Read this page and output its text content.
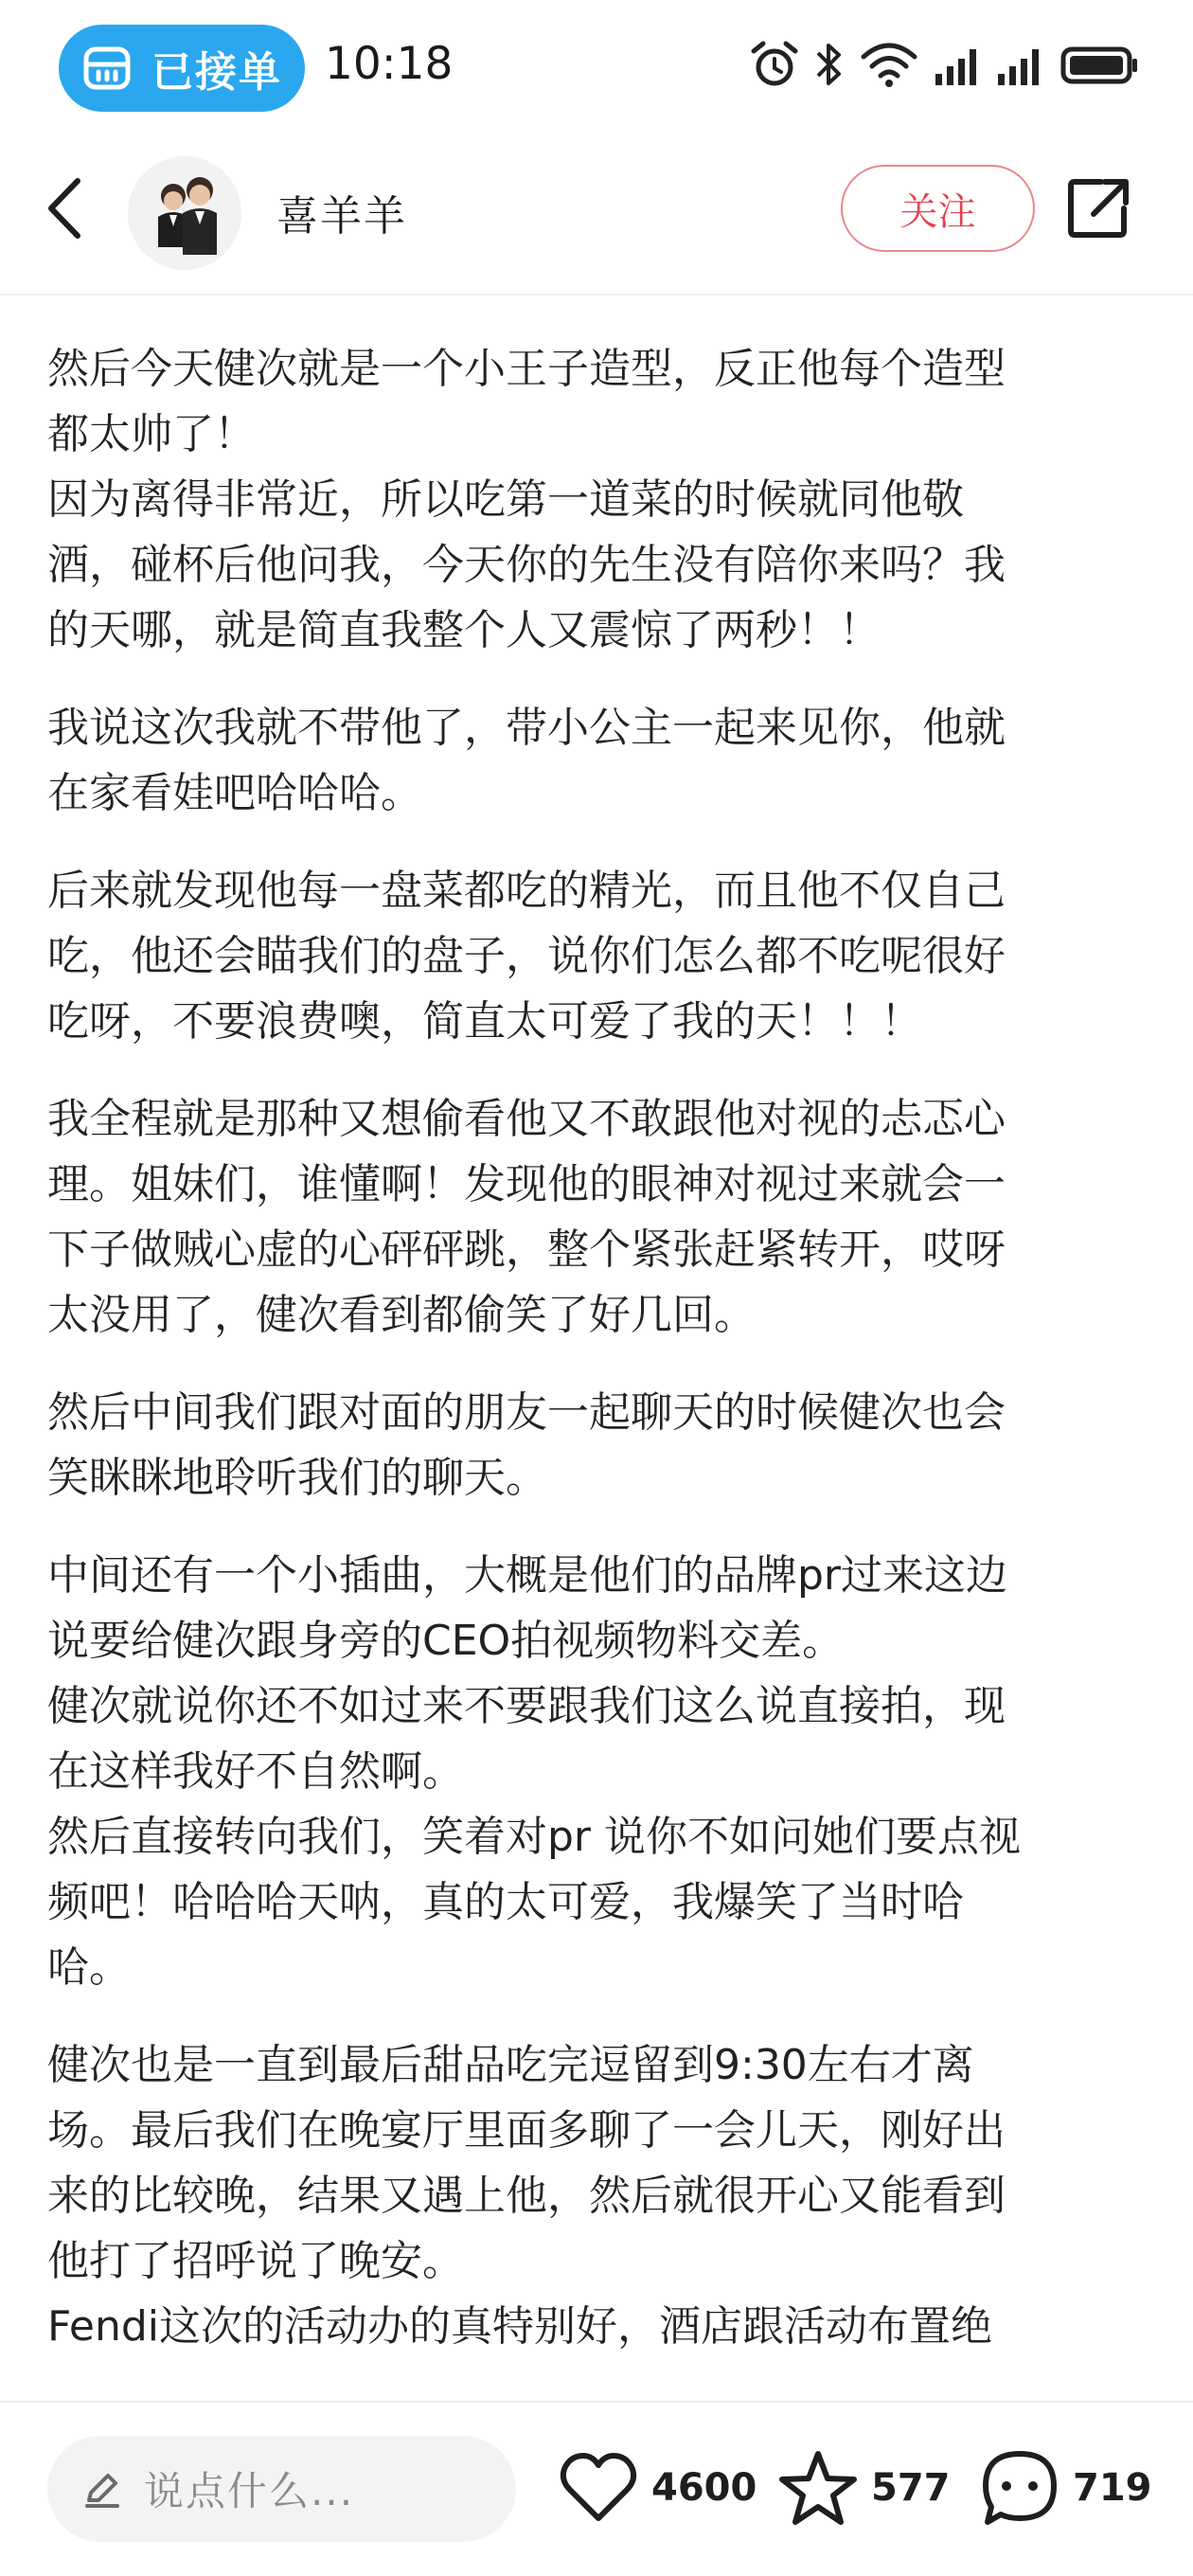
已接单 10:18
喜羊羊	关注

然后今天健次就是一个小王子造型，反正他每个造型
都太帅了！
因为离得非常近，所以吃第一道菜的时候就同他敬
酒，碰杯后他问我，今天你的先生没有陪你来吗？我
的天哪，就是简直我整个人又震惊了两秒！！

我说这次我就不带他了，带小公主一起来见你，他就
在家看娃吧哈哈哈。

后来就发现他每一盘菜都吃的精光，而且他不仅自己
吃，他还会瞄我们的盘子，说你们怎么都不吃呢很好
吃呀，不要浪费噢，简直太可爱了我的天！！！

我全程就是那种又想偷看他又不敢跟他对视的忐忑心
理。姐妹们，谁懂啊！发现他的眼神对视过来就会一
下子做贼心虚的心砰砰跳，整个紧张赶紧转开，哎呀
太没用了，健次看到都偷笑了好几回。

然后中间我们跟对面的朋友一起聊天的时候健次也会
笑眯眯地聆听我们的聊天。

中间还有一个小插曲，大概是他们的品牌pr过来这边
说要给健次跟身旁的CEO拍视频物料交差。
健次就说你还不如过来不要跟我们这么说直接拍，现
在这样我好不自然啊。
然后直接转向我们，笑着对pr 说你不如问她们要点视
频吧！哈哈哈天呐，真的太可爱，我爆笑了当时哈
哈。

健次也是一直到最后甜品吃完逗留到9:30左右才离
场。最后我们在晚宴厅里面多聊了一会儿天，刚好出
来的比较晚，结果又遇上他，然后就很开心又能看到
他打了招呼说了晚安。
Fendi这次的活动办的真特别好，酒店跟活动布置绝

说点什么...	4600	577	719
